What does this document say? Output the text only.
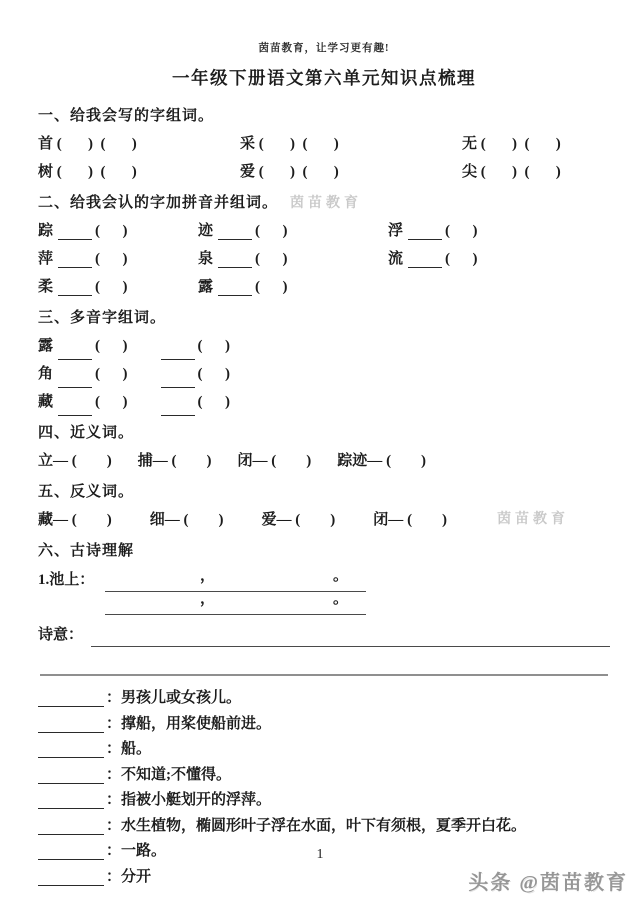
茵苗教育，让学习更有趣!
一年级下册语文第六单元知识点梳理
一、给我会写的字组词。
首 (       )  (       )	采 (       )  (       )	无 (       )  (       )
树 (       )  (       )	爱 (       )  (       )	尖 (       )  (       )
二、给我会认的字加拼音并组词。 茵苗教育
踪	(      )	迹	(      )	浮	(      )
萍	(      )	泉	(      )	流	(      )
柔	(      )	露	(      )
三、多音字组词。
露	(      )	(      )
角	(      )	(      )
藏	(      )	(      )
四、近义词。
立— (        ) 捕— (        ) 闭— (        ) 踪迹— (        )
五、反义词。
藏— (        )	细— (        )	爱— (        )	闭— (        )	茵苗教育
六、古诗理解
1.池上：	，	。
，	。
诗意：
：男孩儿或女孩儿。
：撑船，用桨使船前进。
：船。
：不知道;不懂得。
：指被小艇划开的浮萍。
：水生植物，椭圆形叶子浮在水面，叶下有须根，夏季开白花。
：一路。
：分开
1
头条 @茵苗教育
